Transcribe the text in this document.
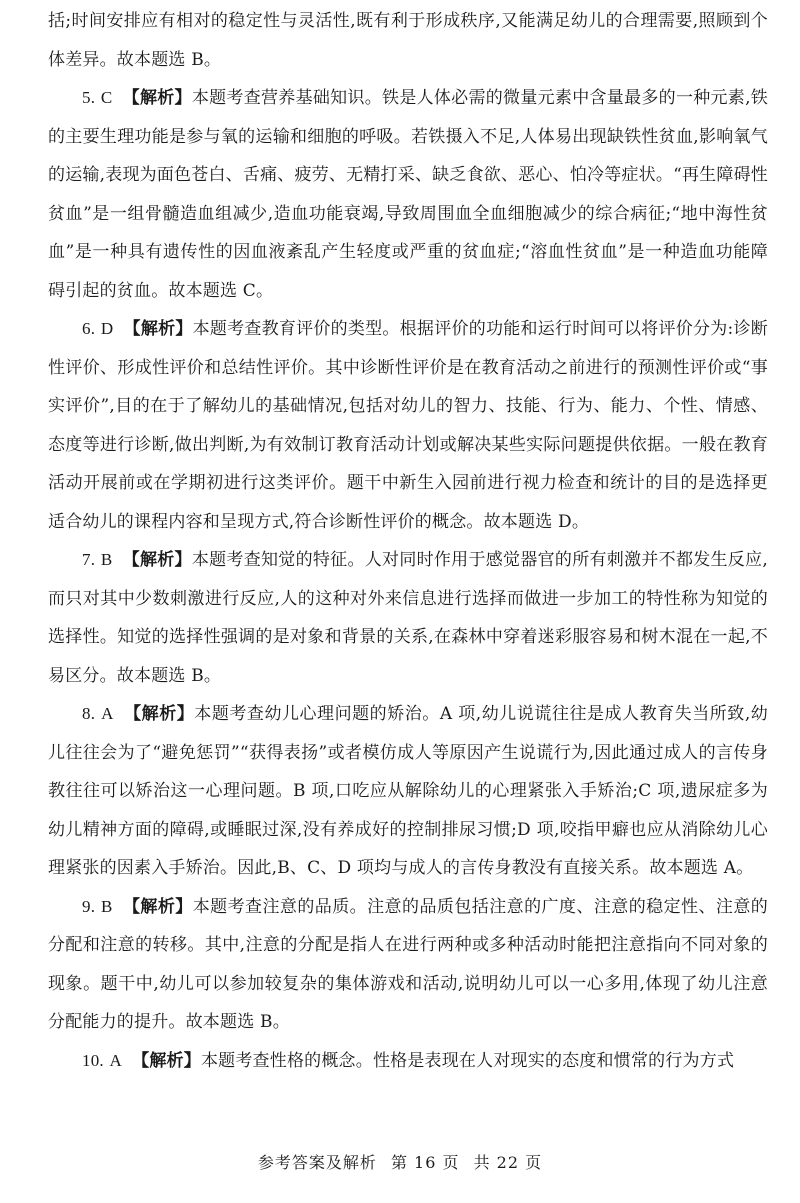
括;时间安排应有相对的稳定性与灵活性,既有利于形成秩序,又能满足幼儿的合理需要,照顾到个体差异。故本题选 B。

5. C 【解析】本题考查营养基础知识。铁是人体必需的微量元素中含量最多的一种元素,铁的主要生理功能是参与氧的运输和细胞的呼吸。若铁摄入不足,人体易出现缺铁性贫血,影响氧气的运输,表现为面色苍白、舌痛、疲劳、无精打采、缺乏食欲、恶心、怕冷等症状。“再生障碍性贫血”是一组骨髓造血组减少,造血功能衰竭,导致周围血全血细胞减少的综合病征;“地中海性贫血”是一种具有遗传性的因血液紊乱产生轻度或严重的贫血症;“溶血性贫血”是一种造血功能障碍引起的贫血。故本题选 C。

6. D 【解析】本题考查教育评价的类型。根据评价的功能和运行时间可以将评价分为:诊断性评价、形成性评价和总结性评价。其中诊断性评价是在教育活动之前进行的预测性评价或“事实评价”,目的在于了解幼儿的基础情况,包括对幼儿的智力、技能、行为、能力、个性、情感、态度等进行诊断,做出判断,为有效制订教育活动计划或解决某些实际问题提供依据。一般在教育活动开展前或在学期初进行这类评价。题干中新生入园前进行视力检查和统计的目的是选择更适合幼儿的课程内容和呈现方式,符合诊断性评价的概念。故本题选 D。

7. B 【解析】本题考查知觉的特征。人对同时作用于感觉器官的所有刺激并不都发生反应,而只对其中少数刺激进行反应,人的这种对外来信息进行选择而做进一步加工的特性称为知觉的选择性。知觉的选择性强调的是对象和背景的关系,在森林中穿着迷彩服容易和树木混在一起,不易区分。故本题选 B。

8. A 【解析】本题考查幼儿心理问题的矫治。A 项,幼儿说谎往往是成人教育失当所致,幼儿往往会为了“避免惩罚”“获得表扬”或者模仿成人等原因产生说谎行为,因此通过成人的言传身教往往可以矫治这一心理问题。B 项,口吃应从解除幼儿的心理紧张入手矫治;C 项,遗尿症多为幼儿精神方面的障碍,或睡眠过深,没有养成好的控制排尿习惯;D 项,咬指甲癖也应从消除幼儿心理紧张的因素入手矫治。因此,B、C、D 项均与成人的言传身教没有直接关系。故本题选 A。

9. B 【解析】本题考查注意的品质。注意的品质包括注意的广度、注意的稳定性、注意的分配和注意的转移。其中,注意的分配是指人在进行两种或多种活动时能把注意指向不同对象的现象。题干中,幼儿可以参加较复杂的集体游戏和活动,说明幼儿可以一心多用,体现了幼儿注意分配能力的提升。故本题选 B。

10. A 【解析】本题考查性格的概念。性格是表现在人对现实的态度和惯常的行为方式

参考答案及解析 第 16 页 共 22 页
